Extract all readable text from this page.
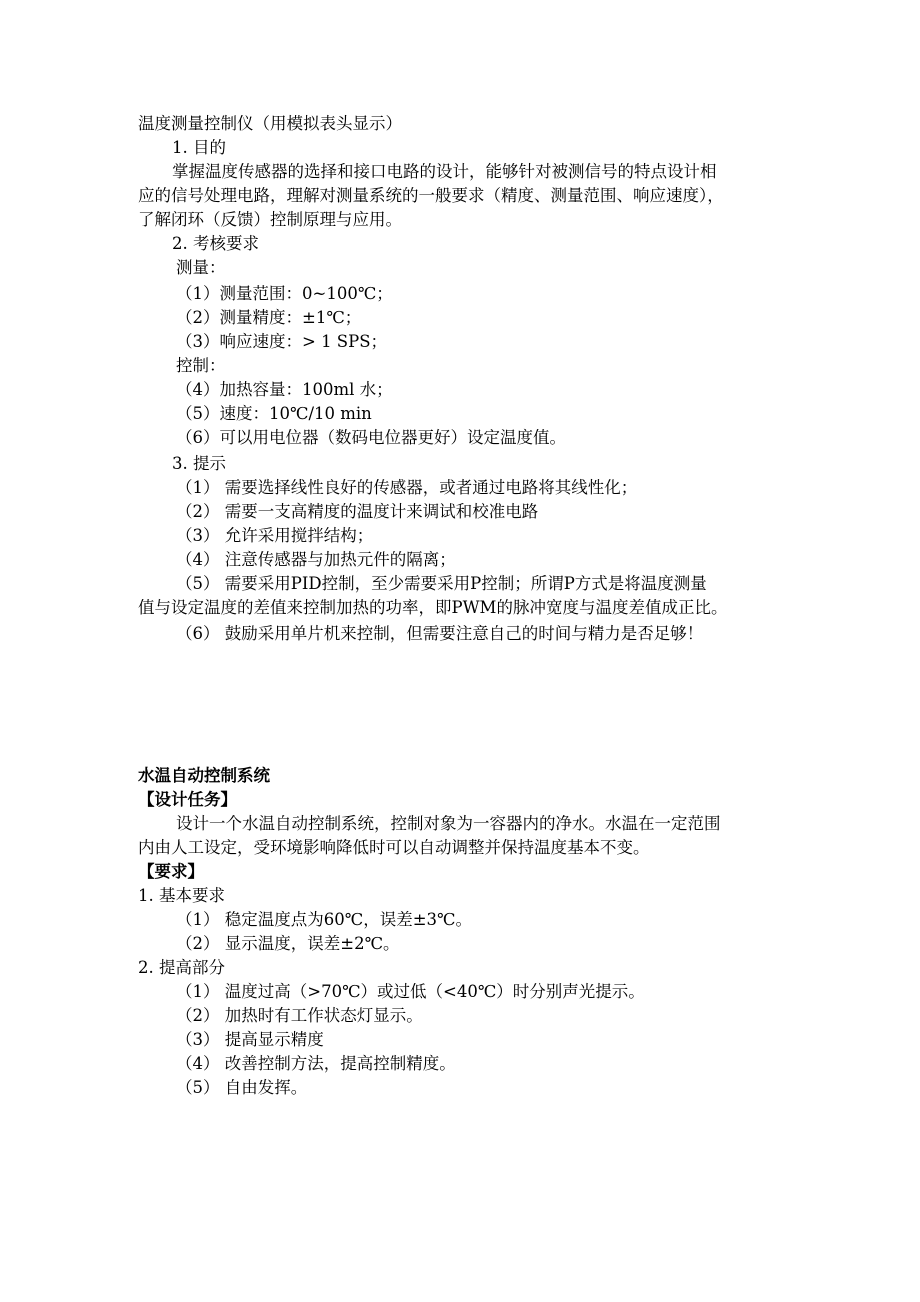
温度测量控制仪（用模拟表头显示）
1. 目的
掌握温度传感器的选择和接口电路的设计，能够针对被测信号的特点设计相
应的信号处理电路，理解对测量系统的一般要求（精度、测量范围、响应速度），
了解闭环（反馈）控制原理与应用。
2. 考核要求
测量：
（1）测量范围：0~100℃；
（2）测量精度：±1℃；
（3）响应速度：> 1 SPS；
控制：
（4）加热容量：100ml 水；
（5）速度：10℃/10 min
（6）可以用电位器（数码电位器更好）设定温度值。
3. 提示
（1） 需要选择线性良好的传感器，或者通过电路将其线性化；
（2） 需要一支高精度的温度计来调试和校准电路
（3） 允许采用搅拌结构；
（4） 注意传感器与加热元件的隔离；
（5） 需要采用PID控制，至少需要采用P控制；所谓P方式是将温度测量
值与设定温度的差值来控制加热的功率，即PWM的脉冲宽度与温度差值成正比。
（6） 鼓励采用单片机来控制，但需要注意自己的时间与精力是否足够！
水温自动控制系统
【设计任务】
设计一个水温自动控制系统，控制对象为一容器内的净水。水温在一定范围
内由人工设定，受环境影响降低时可以自动调整并保持温度基本不变。
【要求】
1. 基本要求
（1） 稳定温度点为60℃，误差±3℃。
（2） 显示温度，误差±2℃。
2. 提高部分
（1） 温度过高（>70℃）或过低（<40℃）时分别声光提示。
（2） 加热时有工作状态灯显示。
（3） 提高显示精度
（4） 改善控制方法，提高控制精度。
（5） 自由发挥。
